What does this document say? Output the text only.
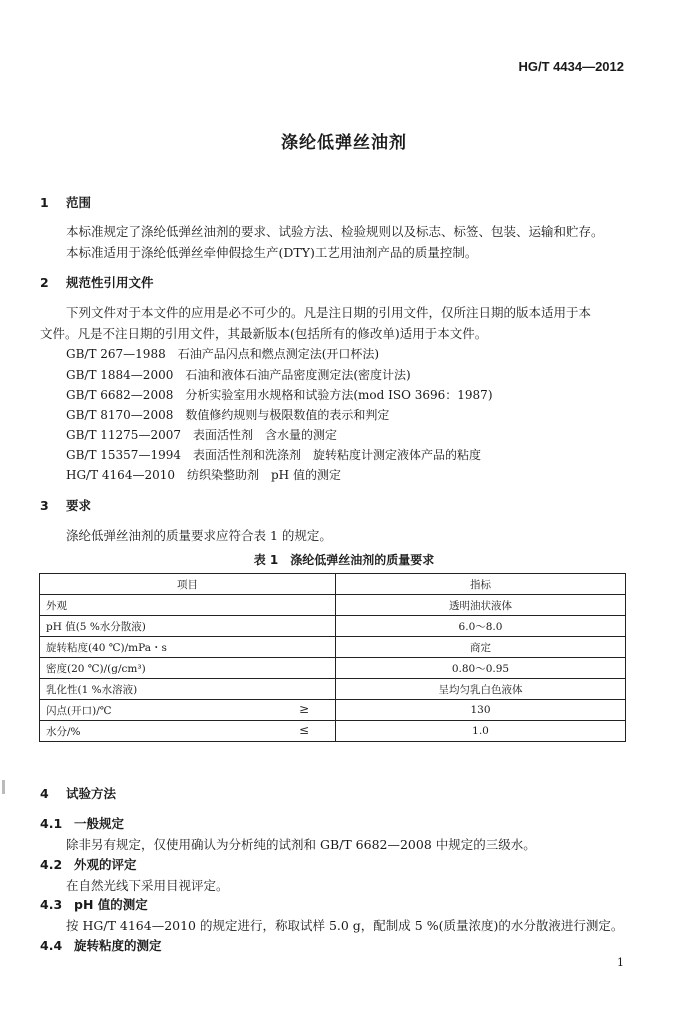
HG/T 4434—2012
涤纶低弹丝油剂
1 范围
本标准规定了涤纶低弹丝油剂的要求、试验方法、检验规则以及标志、标签、包装、运输和贮存。
本标准适用于涤纶低弹丝牵伸假捻生产(DTY)工艺用油剂产品的质量控制。
2 规范性引用文件
下列文件对于本文件的应用是必不可少的。凡是注日期的引用文件，仅所注日期的版本适用于本
文件。凡是不注日期的引用文件，其最新版本(包括所有的修改单)适用于本文件。
GB/T 267—1988　石油产品闪点和燃点测定法(开口杯法)
GB/T 1884—2000　石油和液体石油产品密度测定法(密度计法)
GB/T 6682—2008　分析实验室用水规格和试验方法(mod ISO 3696：1987)
GB/T 8170—2008　数值修约规则与极限数值的表示和判定
GB/T 11275—2007　表面活性剂　含水量的测定
GB/T 15357—1994　表面活性剂和洗涤剂　旋转粘度计测定液体产品的粘度
HG/T 4164—2010　纺织染整助剂　pH 值的测定
3 要求
涤纶低弹丝油剂的质量要求应符合表 1 的规定。
表 1 涤纶低弹丝油剂的质量要求
项目	指标
外观	透明油状液体
pH 值(5 %水分散液)	6.0～8.0
旋转粘度(40 ℃)/mPa・s	商定
密度(20 ℃)/(g/cm³)	0.80～0.95
乳化性(1 %水溶液)	呈均匀乳白色液体
闪点(开口)/℃ ≥	130
水分/% ≤	1.0
4 试验方法
4.1 一般规定
除非另有规定，仅使用确认为分析纯的试剂和 GB/T 6682—2008 中规定的三级水。
4.2 外观的评定
在自然光线下采用目视评定。
4.3 pH 值的测定
按 HG/T 4164—2010 的规定进行，称取试样 5.0 g，配制成 5 %(质量浓度)的水分散液进行测定。
4.4 旋转粘度的测定
1
